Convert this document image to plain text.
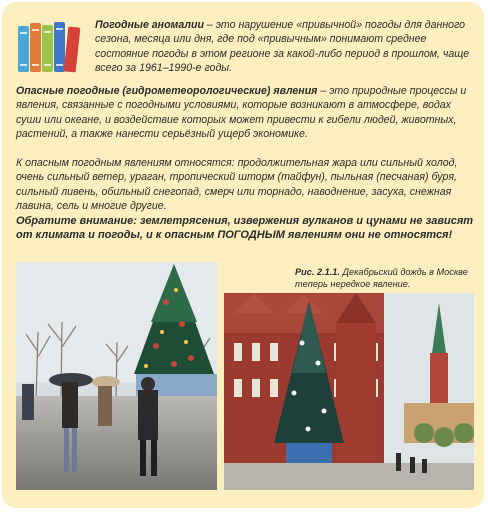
Погодные аномалии – это нарушение «привычной» погоды для данного сезона, месяца или дня, где под «привычным» понимают среднее состояние погоды в этом регионе за какой-либо период в прошлом, чаще всего за 1961–1990-е годы.
Опасные погодные (гидрометеорологические) явления – это природные процессы и явления, связанные с погодными условиями, которые возникают в атмосфере, водах суши или океане, и воздействие которых может привести к гибели людей, животных, растений, а также нанести серьёзный ущерб экономике.
К опасным погодным явлениям относятся: продолжительная жара или сильный холод, очень сильный ветер, ураган, тропический шторм (тайфун), пыльная (песчаная) буря, сильный ливень, обильный снегопад, смерч или торнадо, наводнение, засуха, снежная лавина, сель и многие другие.
Обратите внимание: землетрясения, извержения вулканов и цунами не зависят от климата и погоды, и к опасным ПОГОДНЫМ явлениям они не относятся!
Рис. 2.1.1. Декабрьский дождь в Москве теперь нередкое явление.
